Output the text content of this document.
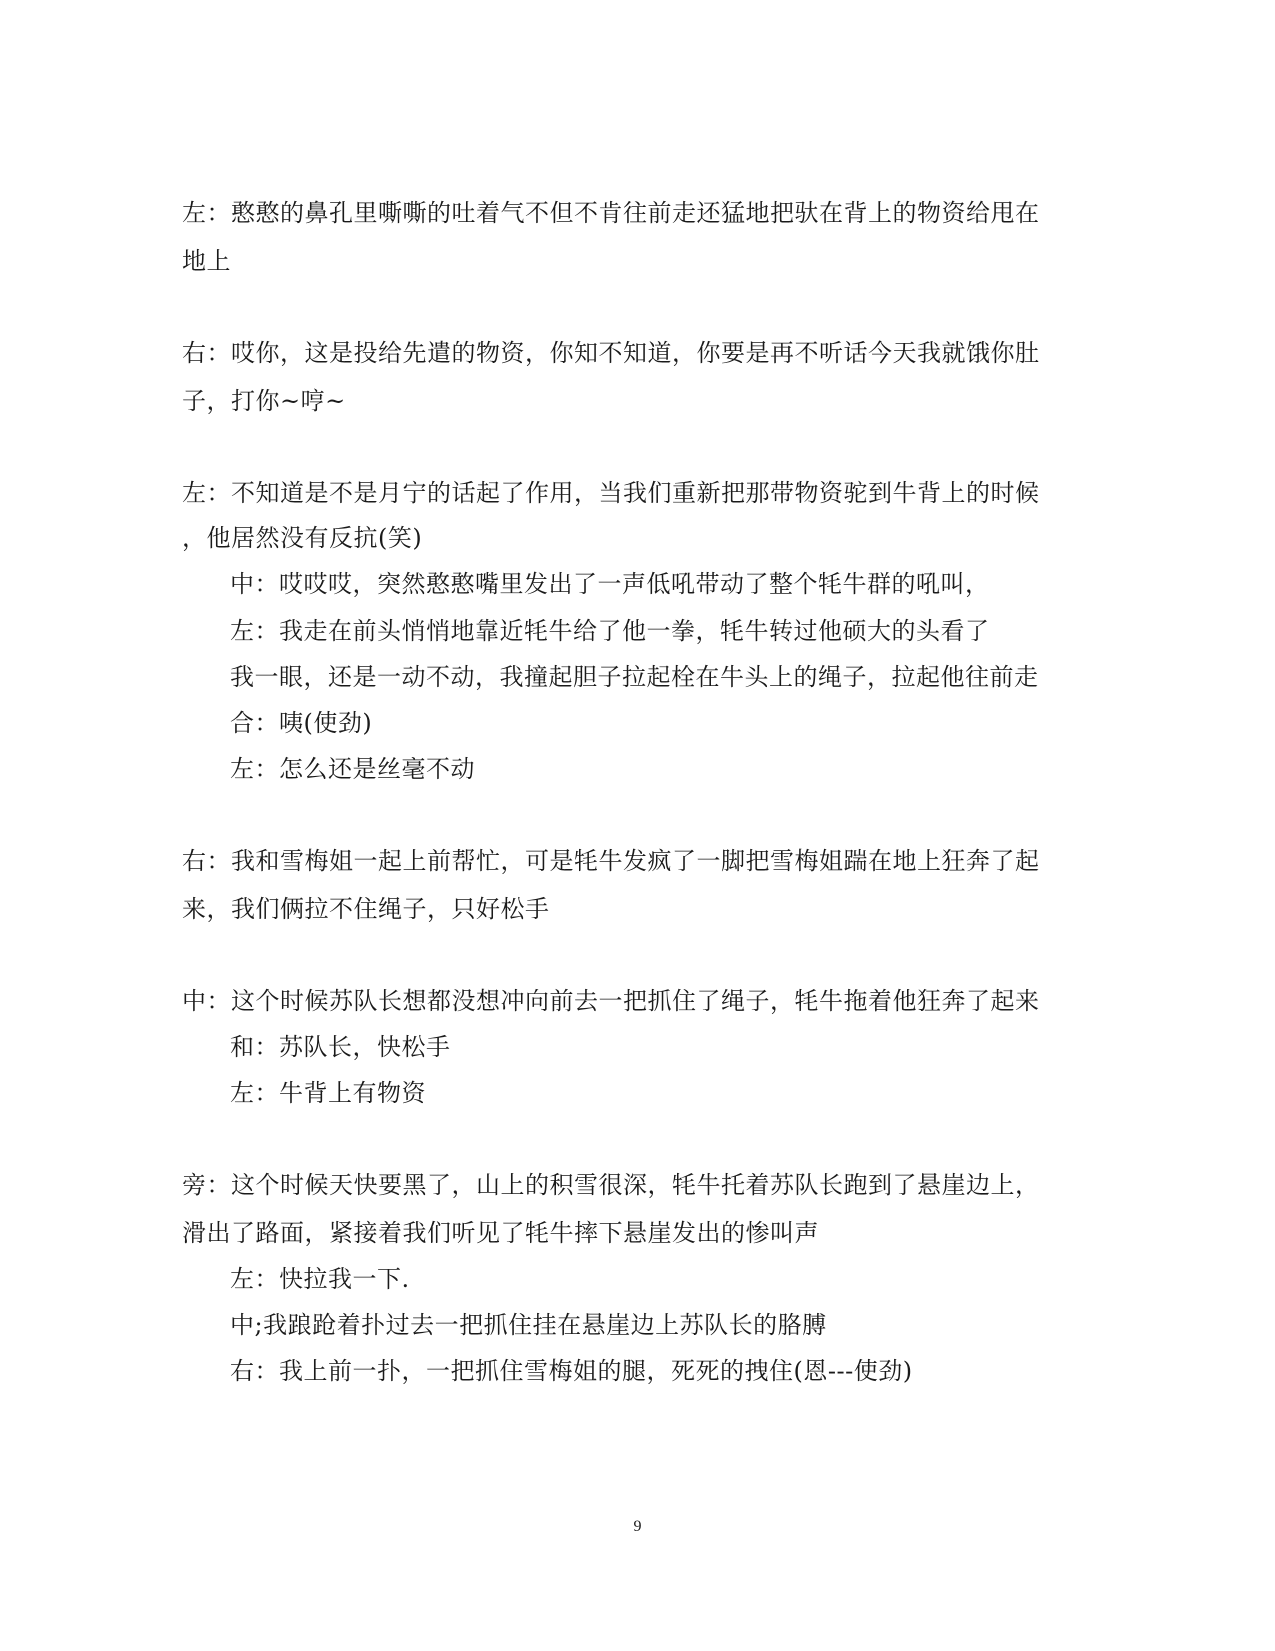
左：憨憨的鼻孔里嘶嘶的吐着气不但不肯往前走还猛地把驮在背上的物资给甩在
地上
右：哎你，这是投给先遣的物资，你知不知道，你要是再不听话今天我就饿你肚
子，打你~哼~
左：不知道是不是月宁的话起了作用，当我们重新把那带物资驼到牛背上的时候
，他居然没有反抗(笑)
中：哎哎哎，突然憨憨嘴里发出了一声低吼带动了整个牦牛群的吼叫，
左：我走在前头悄悄地靠近牦牛给了他一拳，牦牛转过他硕大的头看了
我一眼，还是一动不动，我撞起胆子拉起栓在牛头上的绳子，拉起他往前走
合：咦(使劲)
左：怎么还是丝毫不动
右：我和雪梅姐一起上前帮忙，可是牦牛发疯了一脚把雪梅姐踹在地上狂奔了起
来，我们俩拉不住绳子，只好松手
中：这个时候苏队长想都没想冲向前去一把抓住了绳子，牦牛拖着他狂奔了起来
和：苏队长，快松手
左：牛背上有物资
旁：这个时候天快要黑了，山上的积雪很深，牦牛托着苏队长跑到了悬崖边上，
滑出了路面，紧接着我们听见了牦牛摔下悬崖发出的惨叫声
左：快拉我一下.
中;我踉跄着扑过去一把抓住挂在悬崖边上苏队长的胳膊
右：我上前一扑，一把抓住雪梅姐的腿，死死的拽住(恩---使劲)
9
